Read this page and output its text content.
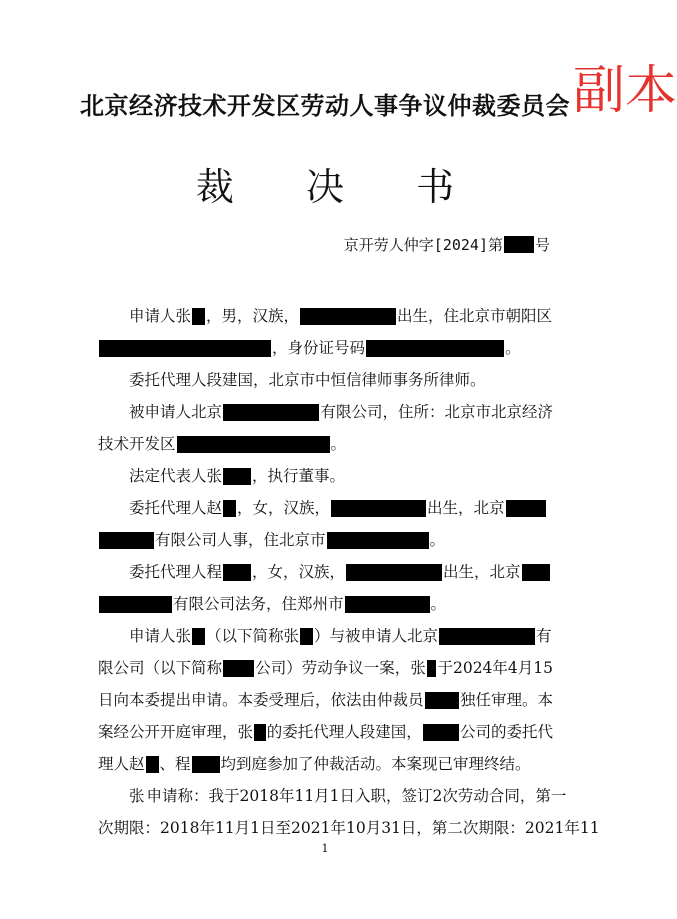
北京经济技术开发区劳动人事争议仲裁委员会 副本
裁 决 书
京开劳人仲字[2024]第 号
申请人张 ，男，汉族，	出生，住北京市朝阳区
，身份证号码	。
委托代理人段建国，北京市中恒信律师事务所律师。
被申请人北京	有限公司，住所：北京市北京经济
技术开发区	。
法定代表人张 ，执行董事。
委托代理人赵 ，女，汉族，	出生，北京
有限公司人事，住北京市	。
委托代理人程 ，女，汉族，	出生，北京
有限公司法务，住郑州市	。
申请人张 （以下简称张 ）与被申请人北京	有
限公司（以下简称 公司）劳动争议一案，张 于2024年4月15
日向本委提出申请。本委受理后，依法由仲裁员 独任审理。本
案经公开开庭审理，张 的委托代理人段建国， 公司的委托代
理人赵 、程 均到庭参加了仲裁活动。本案现已审理终结。
张 申请称：我于2018年11月1日入职，签订2次劳动合同，第一
次期限：2018年11月1日至2021年10月31日，第二次期限：2021年11
1
